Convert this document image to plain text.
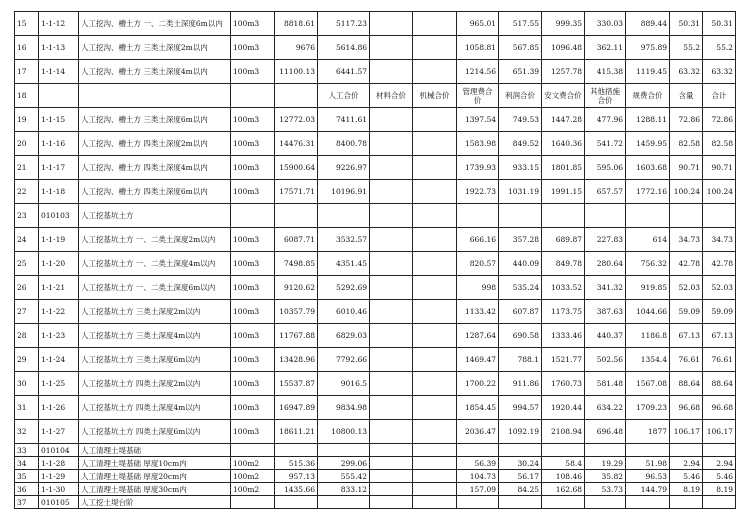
15	1-1-12	人工挖沟、槽土方 一、二类土深度6m以内	100m3	8818.61	5117.23			965.01	517.55	999.35	330.03	889.44	50.31	50.31
16	1-1-13	人工挖沟、槽土方 三类土深度2m以内	100m3	9676	5614.86			1058.81	567.85	1096.48	362.11	975.89	55.2	55.2
17	1-1-14	人工挖沟、槽土方 三类土深度4m以内	100m3	11100.13	6441.57			1214.56	651.39	1257.78	415.38	1119.45	63.32	63.32
18					人工合价	材料合价	机械合价	管理费合价	利润合价	安文费合价	其他措施合价	规费合价	含量	合计
19	1-1-15	人工挖沟、槽土方 三类土深度6m以内	100m3	12772.03	7411.61			1397.54	749.53	1447.28	477.96	1288.11	72.86	72.86
20	1-1-16	人工挖沟、槽土方 四类土深度2m以内	100m3	14476.31	8400.78			1583.98	849.52	1640.36	541.72	1459.95	82.58	82.58
21	1-1-17	人工挖沟、槽土方 四类土深度4m以内	100m3	15900.64	9226.97			1739.93	933.15	1801.85	595.06	1603.68	90.71	90.71
22	1-1-18	人工挖沟、槽土方 四类土深度6m以内	100m3	17571.71	10196.91			1922.73	1031.19	1991.15	657.57	1772.16	100.24	100.24
23	010103	人工挖基坑土方												
24	1-1-19	人工挖基坑土方 一、二类土深度2m以内	100m3	6087.71	3532.57			666.16	357.28	689.87	227.83	614	34.73	34.73
25	1-1-20	人工挖基坑土方 一、二类土深度4m以内	100m3	7498.85	4351.45			820.57	440.09	849.78	280.64	756.32	42.78	42.78
26	1-1-21	人工挖基坑土方 一、二类土深度6m以内	100m3	9120.62	5292.69			998	535.24	1033.52	341.32	919.85	52.03	52.03
27	1-1-22	人工挖基坑土方 三类土深度2m以内	100m3	10357.79	6010.46			1133.42	607.87	1173.75	387.63	1044.66	59.09	59.09
28	1-1-23	人工挖基坑土方 三类土深度4m以内	100m3	11767.88	6829.03			1287.64	690.58	1333.46	440.37	1186.8	67.13	67.13
29	1-1-24	人工挖基坑土方 三类土深度6m以内	100m3	13428.96	7792.66			1469.47	788.1	1521.77	502.56	1354.4	76.61	76.61
30	1-1-25	人工挖基坑土方 四类土深度2m以内	100m3	15537.87	9016.5			1700.22	911.86	1760.73	581.48	1567.08	88.64	88.64
31	1-1-26	人工挖基坑土方 四类土深度4m以内	100m3	16947.89	9834.98			1854.45	994.57	1920.44	634.22	1709.23	96.68	96.68
32	1-1-27	人工挖基坑土方 四类土深度6m以内	100m3	18611.21	10800.13			2036.47	1092.19	2108.94	696.48	1877	106.17	106.17
33	010104	人工清理土堤基础												
34	1-1-28	人工清理土堤基础 厚度10cm内	100m2	515.36	299.06			56.39	30.24	58.4	19.29	51.98	2.94	2.94
35	1-1-29	人工清理土堤基础 厚度20cm内	100m2	957.13	555.42			104.73	56.17	108.46	35.82	96.53	5.46	5.46
36	1-1-30	人工清理土堤基础 厚度30cm内	100m2	1435.66	833.12			157.09	84.25	162.68	53.73	144.79	8.19	8.19
37	010105	人工挖土堤台阶												
